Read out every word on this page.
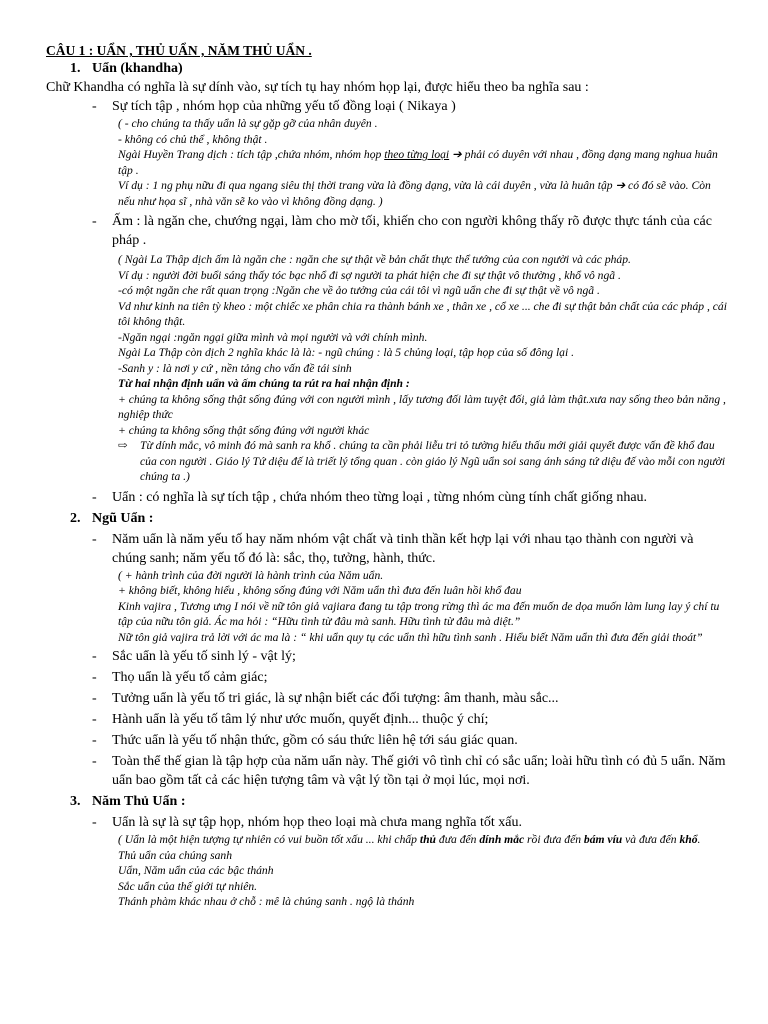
CÂU 1 : UẨN , THỦ UẨN , NĂM THỦ UẨN .
1. Uẩn (khandha)
Chữ Khandha có nghĩa là sự dính vào, sự tích tụ hay nhóm họp lại, được hiểu theo ba nghĩa sau :
- Sự tích tập , nhóm họp của những yếu tố đồng loại ( Nikaya )
( - cho chúng ta thấy uẩn là sự gặp gỡ của nhân duyên .
- không có chủ thể , không thật .
Ngài Huyền Trang dịch : tích tập ,chứa nhóm, nhóm họp theo từng loại ➔ phải có duyên với nhau , đồng dạng mang nghua huân tập .
Ví dụ : 1 ng phụ nữu đi qua ngang siêu thị thời trang vừa là đồng dạng, vừa là cái duyên , vừa là huân tập ➔ có đó sẽ vào. Còn nếu như họa sĩ , nhà văn sẽ ko vào vì không đồng dạng. )
- Ấm : là ngăn che, chướng ngại, làm cho mờ tối, khiến cho con người không thấy rõ được thực tánh của các pháp .
( Ngài La Thập dịch ấm là ngăn che : ngăn che sự thật về bản chất thực thể tướng của con người và các pháp.
Ví dụ : người đời buổi sáng thấy tóc bạc nhổ đi sợ người ta phát hiện che đi sự thật vô thường , khổ vô ngã .
-có một ngăn che rất quan trọng :Ngăn che về ảo tưởng của cái tôi vì ngũ uẩn che đi sự thật về vô ngã .
Vd như kinh na tiên tỳ kheo : một chiếc xe phân chia ra thành bánh xe , thân xe , cổ xe ... che đi sự thật bản chất của các pháp , cái tôi không thật.
-Ngăn ngại :ngăn ngại giữa mình và mọi người và với chính mình.
Ngài La Thập còn dịch 2 nghĩa khác là là: - ngũ chúng : là 5 chủng loại, tập họp của số đông lại .
-Sanh y : là nơi y cứ , nền tảng cho vấn đề tái sinh
Từ hai nhận định uẩn và ấm chúng ta rút ra hai nhận định :
+ chúng ta không sống thật sống đúng với con người mình , lấy tương đối làm tuyệt đối, giả làm thật.xưa nay sống theo bản năng , nghiệp thức
+ chúng ta không sống thật sống đúng với người khác
⇨ Từ dính mắc, vô minh đó mà sanh ra khổ . chúng ta cần phải liễu tri tỏ tường hiểu thấu mới giải quyết được vấn đề khổ đau của con người . Giáo lý Tứ diệu đế là triết lý tổng quan . còn giáo lý Ngũ uẩn soi sang ánh sáng tứ diệu đế vào mỗi con người chúng ta .)
- Uẩn : có nghĩa là sự tích tập , chứa nhóm theo từng loại , từng nhóm cùng tính chất giống nhau.
2. Ngũ Uẩn :
- Năm uẩn là năm yếu tố hay năm nhóm vật chất và tinh thần kết hợp lại với nhau tạo thành con người và chúng sanh; năm yếu tố đó là: sắc, thọ, tưởng, hành, thức.
( + hành trình của đời người là hành trình của Năm uẩn.
+ không biết, không hiểu , không sống đúng với Năm uẩn thì đưa đến luân hồi khổ đau
Kinh vajira , Tương ưng I nói về nữ tôn giả vajiara đang tu tập trong rừng thì ác ma đến muốn de dọa muốn làm lung lay ý chí tu tập của nữu tôn giả. Ác ma hỏi : “Hữu tình từ đâu mà sanh. Hữu tình từ đâu mà diệt.”
Nữ tôn giả vajira trả lời với ác ma là : “ khi uẩn quy tụ các uẩn thì hữu tình sanh . Hiểu biết Năm uẩn thì đưa đến giải thoát”
- Sắc uẩn là yếu tố sinh lý - vật lý;
- Thọ uẩn là yếu tố cảm giác;
- Tưởng uẩn là yếu tố tri giác, là sự nhận biết các đối tượng: âm thanh, màu sắc...
- Hành uẩn là yếu tố tâm lý như ước muốn, quyết định... thuộc ý chí;
- Thức uẩn là yếu tố nhận thức, gồm có sáu thức liên hệ tới sáu giác quan.
- Toàn thể thế gian là tập hợp của năm uẩn này. Thế giới vô tình chỉ có sắc uẩn; loài hữu tình có đủ 5 uẩn. Năm uẩn bao gồm tất cả các hiện tượng tâm và vật lý tồn tại ở mọi lúc, mọi nơi.
3. Năm Thủ Uẩn :
- Uẩn là sự là sự tập họp, nhóm họp theo loại mà chưa mang nghĩa tốt xấu.
( Uẩn là một hiện tượng tự nhiên có vui buồn tốt xấu ... khi chấp thủ đưa đến dính mắc rồi đưa đến bám víu và đưa đến khổ.
Thủ uẩn của chúng sanh
Uẩn, Năm uẩn của các bậc thánh
Sắc uẩn của thế giới tự nhiên.
Thánh phàm khác nhau ở chỗ : mê là chúng sanh . ngộ là thánh
